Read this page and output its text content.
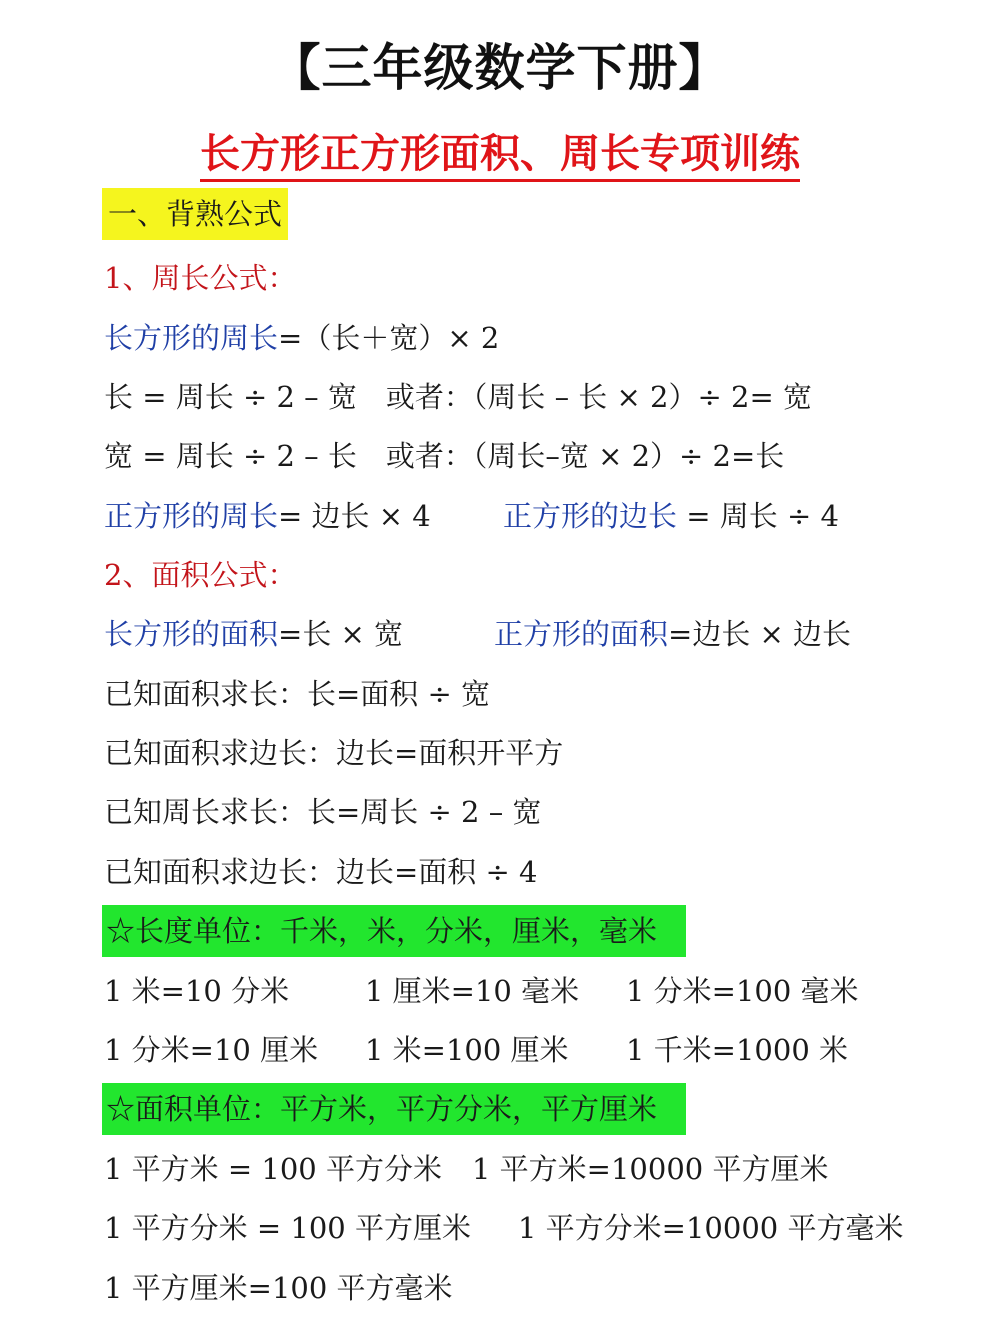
【三年级数学下册】
长方形正方形面积、周长专项训练
一、背熟公式
1、周长公式：
长方形的周长=（长＋宽）× 2
长 = 周长 ÷ 2 – 宽　或者：（周长 – 长 × 2）÷ 2= 宽
宽 = 周长 ÷ 2 – 长　或者：（周长–宽 × 2）÷ 2=长
正方形的周长= 边长 × 4 正方形的边长 = 周长 ÷ 4
2、面积公式：
长方形的面积=长 × 宽	正方形的面积=边长 × 边长
已知面积求长：长=面积 ÷ 宽
已知面积求边长：边长=面积开平方
已知周长求长：长=周长 ÷ 2 – 宽
已知面积求边长：边长=面积 ÷ 4
☆长度单位：千米，米，分米，厘米，毫米
1 米=10 分米	1 厘米=10 毫米 1 分米=100 毫米
1 分米=10 厘米 1 米=100 厘米 1 千米=1000 米
☆面积单位：平方米，平方分米，平方厘米
1 平方米 = 100 平方分米 1 平方米=10000 平方厘米
1 平方分米 = 100 平方厘米 1 平方分米=10000 平方毫米
1 平方厘米=100 平方毫米
